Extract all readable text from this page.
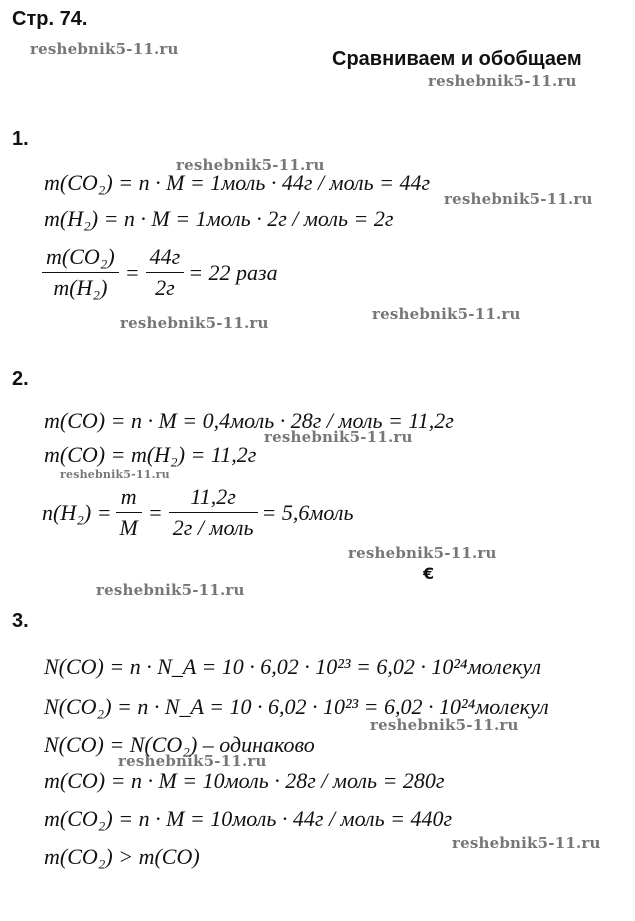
Стр. 74.
Сравниваем и обобщаем
reshebnik5-11.ru
reshebnik5-11.ru
reshebnik5-11.ru
reshebnik5-11.ru
reshebnik5-11.ru	reshebnik5-11.ru
reshebnik5-11.ru
reshebnik5-11.ru
reshebnik5-11.ru
reshebnik5-11.ru
reshebnik5-11.ru
reshebnik5-11.ru
reshebnik5-11.ru
€
1.
m(CO₂) = n · M = 1моль · 44г / моль = 44г
m(H₂) = n · M = 1моль · 2г / моль = 2г
$\frac{\text{m(CO₂)}}{\text{m(H₂)}} = \frac{44г}{2г} = 22$ раза
2.
m(CO) = n · M = 0,4моль · 28г / моль = 11,2г
m(CO) = m(H₂) = 11,2г
$n(H_2) = \frac{m}{M} = \frac{11,2г}{\text{2г / моль}}$ = 5,6моль
3.
N(CO) = n · N_A = 10 · 6,02 · 10²³ = 6,02 · 10²⁴молекул
N(CO₂) = n · N_A = 10 · 6,02 · 10²³ = 6,02 · 10²⁴молекул
N(CO) = N(CO₂) – одинаково
m(CO) = n · M = 10моль · 28г / моль = 280г
m(CO₂) = n · M = 10моль · 44г / моль = 440г
m(CO₂) > m(CO)
